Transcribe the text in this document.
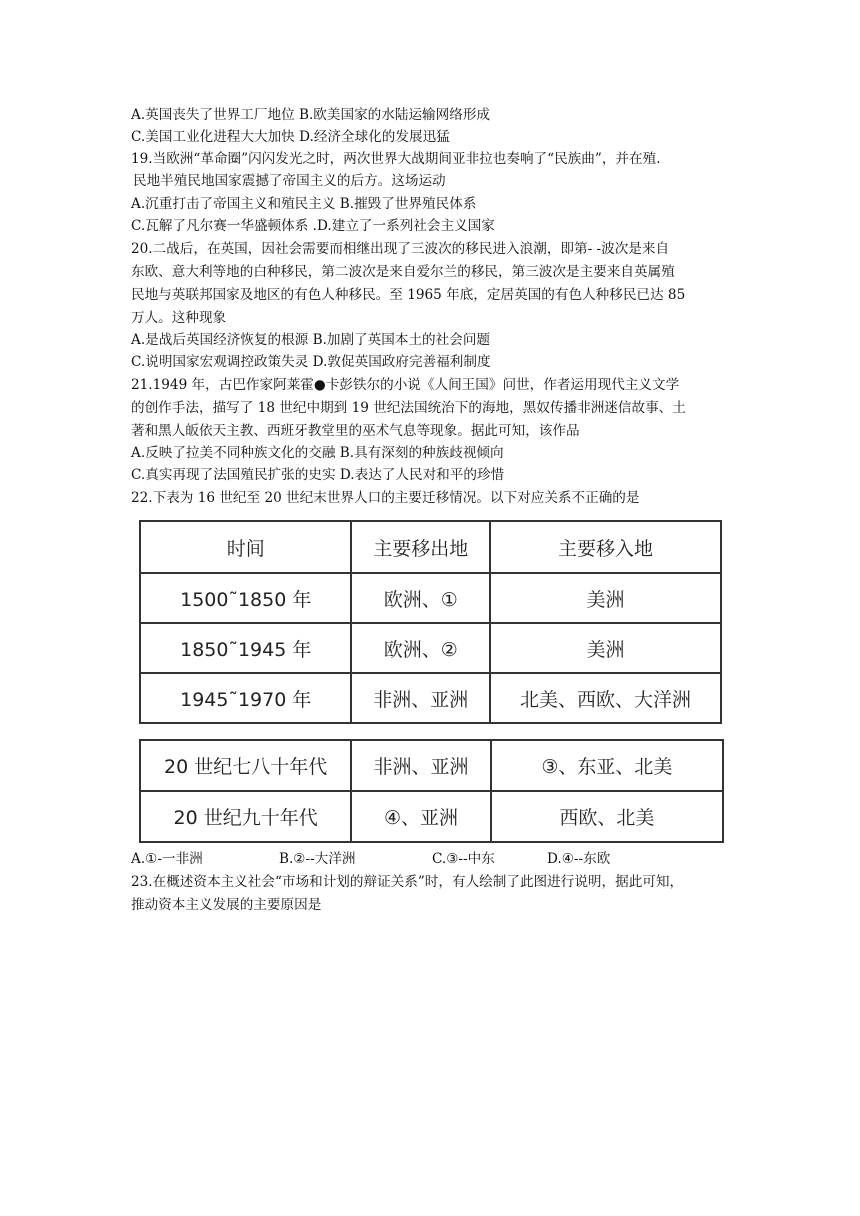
A.英国丧失了世界工厂地位 B.欧美国家的水陆运输网络形成
C.美国工业化进程大大加快 D.经济全球化的发展迅猛
19.当欧洲“革命圈”闪闪发光之时，两次世界大战期间亚非拉也奏响了“民族曲”，并在殖.
民地半殖民地国家震撼了帝国主义的后方。这场运动
A.沉重打击了帝国主义和殖民主义 B.摧毁了世界殖民体系
C.瓦解了凡尔赛一华盛顿体系 .D.建立了一系列社会主义国家
20.二战后，在英国，因社会需要而相继出现了三波次的移民进入浪潮，即第- -波次是来自
东欧、意大利等地的白种移民，第二波次是来自爱尔兰的移民，第三波次是主要来自英属殖
民地与英联邦国家及地区的有色人种移民。至 1965 年底，定居英国的有色人种移民已达 85
万人。这种现象
A.是战后英国经济恢复的根源 B.加剧了英国本土的社会问题
C.说明国家宏观调控政策失灵 D.敦促英国政府完善福利制度
21.1949 年，古巴作家阿莱霍●卡彭铁尔的小说《人间王国》问世，作者运用现代主义文学
的创作手法，描写了 18 世纪中期到 19 世纪法国统治下的海地，黑奴传播非洲迷信故事、土
著和黑人皈依天主教、西班牙教堂里的巫术气息等现象。据此可知，该作品
A.反映了拉美不同种族文化的交融 B.具有深刻的种族歧视倾向
C.真实再现了法国殖民扩张的史实 D.表达了人民对和平的珍惜
22.下表为 16 世纪至 20 世纪末世界人口的主要迁移情况。以下对应关系不正确的是
时间	主要移出地	主要移入地
1500˜1850 年	欧洲、①	美洲
1850˜1945 年	欧洲、②	美洲
1945˜1970 年	非洲、亚洲	北美、西欧、大洋洲
20 世纪七八十年代	非洲、亚洲	③、东亚、北美
20 世纪九十年代	④、亚洲	西欧、北美
A.①-一非洲	B.②--大洋洲	C.③--中东	D.④--东欧
23.在概述资本主义社会“市场和计划的辩证关系”时，有人绘制了此图进行说明，据此可知，
推动资本主义发展的主要原因是
